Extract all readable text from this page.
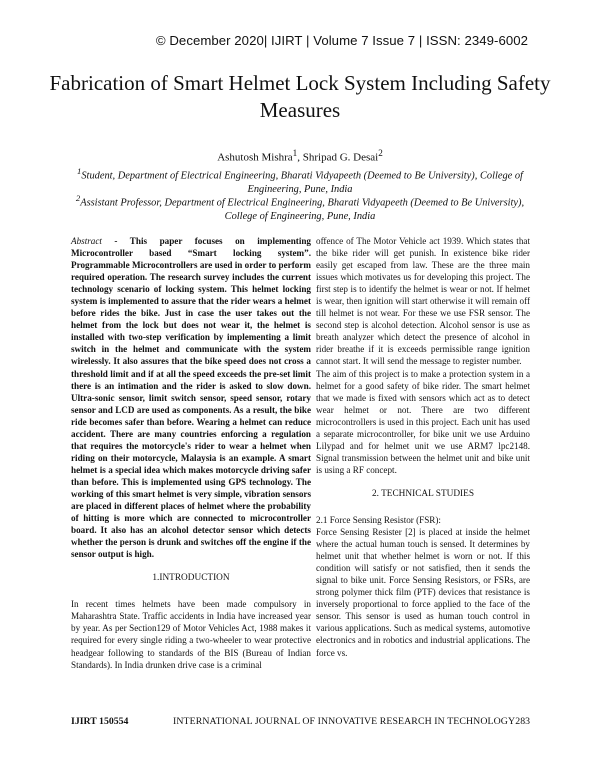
© December 2020| IJIRT | Volume 7 Issue 7 | ISSN: 2349-6002
Fabrication of Smart Helmet Lock System Including Safety Measures
Ashutosh Mishra$^1$, Shripad G. Desai$^2$
$^1$Student, Department of Electrical Engineering, Bharati Vidyapeeth (Deemed to Be University), College of Engineering, Pune, India
$^2$Assistant Professor, Department of Electrical Engineering, Bharati Vidyapeeth (Deemed to Be University), College of Engineering, Pune, India

Abstract - This paper focuses on implementing Microcontroller based “Smart locking system”. Programmable Microcontrollers are used in order to perform required operation. The research survey includes the current technology scenario of locking system. This helmet locking system is implemented to assure that the rider wears a helmet before rides the bike. Just in case the user takes out the helmet from the lock but does not wear it, the helmet is installed with two-step verification by implementing a limit switch in the helmet and communicate with the system wirelessly. It also assures that the bike speed does not cross a threshold limit and if at all the speed exceeds the pre-set limit there is an intimation and the rider is asked to slow down. Ultra-sonic sensor, limit switch sensor, speed sensor, rotary sensor and LCD are used as components. As a result, the bike ride becomes safer than before. Wearing a helmet can reduce accident. There are many countries enforcing a regulation that requires the motorcycle's rider to wear a helmet when riding on their motorcycle, Malaysia is an example. A smart helmet is a special idea which makes motorcycle driving safer than before. This is implemented using GPS technology. The working of this smart helmet is very simple, vibration sensors are placed in different places of helmet where the probability of hitting is more which are connected to microcontroller board. It also has an alcohol detector sensor which detects whether the person is drunk and switches off the engine if the sensor output is high.

1.INTRODUCTION

In recent times helmets have been made compulsory in Maharashtra State. Traffic accidents in India have increased year by year. As per Section129 of Motor Vehicles Act, 1988 makes it required for every single riding a two-wheeler to wear protective headgear following to standards of the BIS (Bureau of Indian Standards). In India drunken drive case is a criminal

offence of The Motor Vehicle act 1939. Which states that the bike rider will get punish. In existence bike rider easily get escaped from law. These are the three main issues which motivates us for developing this project. The first step is to identify the helmet is wear or not. If helmet is wear, then ignition will start otherwise it will remain off till helmet is not wear. For these we use FSR sensor. The second step is alcohol detection. Alcohol sensor is use as breath analyzer which detect the presence of alcohol in rider breathe if it is exceeds permissible range ignition cannot start. It will send the message to register number.

The aim of this project is to make a protection system in a helmet for a good safety of bike rider. The smart helmet that we made is fixed with sensors which act as to detect wear helmet or not. There are two different microcontrollers is used in this project. Each unit has used a separate microcontroller, for bike unit we use Arduino Lilypad and for helmet unit we use ARM7 lpc2148. Signal transmission between the helmet unit and bike unit is using a RF concept.

2. TECHNICAL STUDIES

2.1 Force Sensing Resistor (FSR):

Force Sensing Resister [2] is placed at inside the helmet where the actual human touch is sensed. It determines by helmet unit that whether helmet is worn or not. If this condition will satisfy or not satisfied, then it sends the signal to bike unit. Force Sensing Resistors, or FSRs, are strong polymer thick film (PTF) devices that resistance is inversely proportional to force applied to the face of the sensor. This sensor is used as human touch control in various applications. Such as medical systems, automotive electronics and in robotics and industrial applications. The force vs.

IJIRT 150554	INTERNATIONAL JOURNAL OF INNOVATIVE RESEARCH IN TECHNOLOGY 283
